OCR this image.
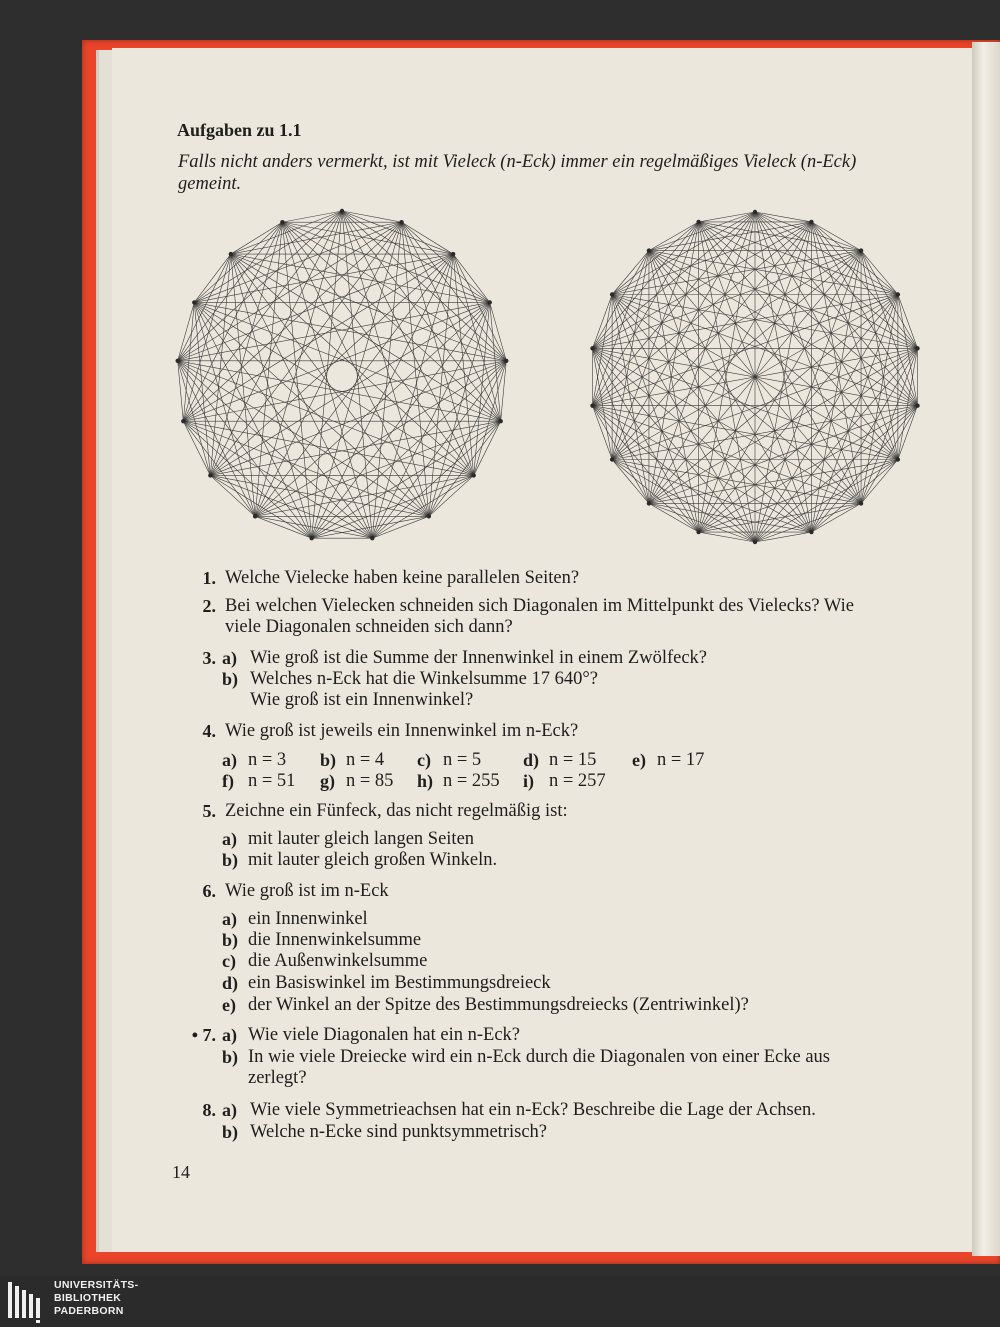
Aufgaben zu 1.1
Falls nicht anders vermerkt, ist mit Vieleck (n-Eck) immer ein regelmäßiges Vieleck (n-Eck)
gemeint.
1. Welche Vielecke haben keine parallelen Seiten?
2. Bei welchen Vielecken schneiden sich Diagonalen im Mittelpunkt des Vielecks? Wie
viele Diagonalen schneiden sich dann?
3. a) Wie groß ist die Summe der Innenwinkel in einem Zwölfeck?
b) Welches n-Eck hat die Winkelsumme 17 640°?
Wie groß ist ein Innenwinkel?
4. Wie groß ist jeweils ein Innenwinkel im n-Eck?
a) n = 3 b) n = 4 c) n = 5 d) n = 15 e) n = 17
f) n = 51 g) n = 85 h) n = 255 i) n = 257
5. Zeichne ein Fünfeck, das nicht regelmäßig ist:
a) mit lauter gleich langen Seiten
b) mit lauter gleich großen Winkeln.
6. Wie groß ist im n-Eck
a) ein Innenwinkel
b) die Innenwinkelsumme
c) die Außenwinkelsumme
d) ein Basiswinkel im Bestimmungsdreieck
e) der Winkel an der Spitze des Bestimmungsdreiecks (Zentriwinkel)?
• 7. a) Wie viele Diagonalen hat ein n-Eck?
b) In wie viele Dreiecke wird ein n-Eck durch die Diagonalen von einer Ecke aus
zerlegt?
8. a) Wie viele Symmetrieachsen hat ein n-Eck? Beschreibe die Lage der Achsen.
b) Welche n-Ecke sind punktsymmetrisch?
14
UNIVERSITÄTS-
BIBLIOTHEK
PADERBORN
